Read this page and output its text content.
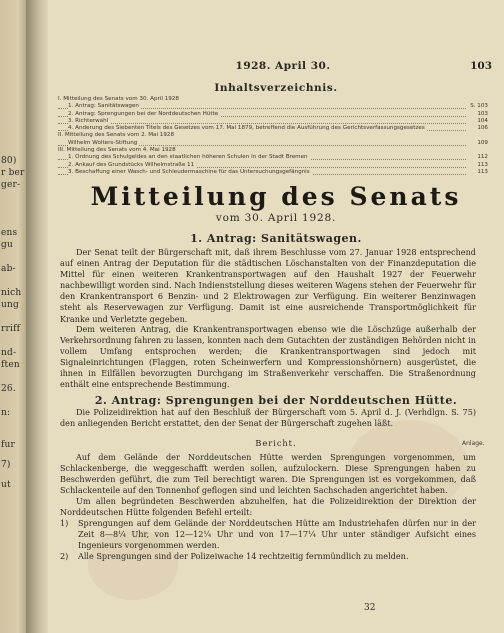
80)
r ber
ger-
ens
gu
ab-
nich
ung
rriff
nd-
ften
26.
n:
fur
7)
ut
1928. April 30.	103
Inhaltsverzeichnis.
I. Mitteilung des Senats vom 30. April 1928
1. Antrag: Sanitätswagen	S. 103
2. Antrag: Sprengungen bei der Norddeutschen Hütte	103
3. Richterwahl	104
4. Änderung des Siebenten Titels des Gesetzes vom 17. Mai 1879, betreffend die Ausführung des Gerichtsverfassungsgesetzes	106
II. Mitteilung des Senats vom 2. Mai 1928
Wilhelm Wolters-Stiftung	109
III. Mitteilung des Senats vom 4. Mai 1928
1. Ordnung des Schulgeldes an den staatlichen höheren Schulen in der Stadt Bremen	112
2. Ankauf des Grundstücks Wilhelmstraße 11	113
3. Beschaffung einer Wasch- und Schleudermaschine für das Untersuchungsgefängnis	113
Mitteilung des Senats
vom 30. April 1928.
1. Antrag: Sanitätswagen.
Der Senat teilt der Bürgerschaft mit, daß ihrem Beschlusse vom 27. Januar 1928 entsprechend auf einen Antrag der Deputation für die städtischen Löschanstalten von der Finanzdeputation die Mittel für einen weiteren Krankentransportwagen auf den Haushalt 1927 der Feuerwehr nachbewilligt worden sind. Nach Indienststellung dieses weiteren Wagens stehen der Feuerwehr für den Krankentransport 6 Benzin- und 2 Elektrowagen zur Verfügung. Ein weiterer Benzinwagen steht als Reservewagen zur Verfügung. Damit ist eine ausreichende Transportmöglichkeit für Kranke und Verletzte gegeben.
Dem weiteren Antrag, die Krankentransportwagen ebenso wie die Löschzüge außerhalb der Verkehrsordnung fahren zu lassen, konnten nach dem Gutachten der zuständigen Behörden nicht in vollem Umfang entsprochen werden; die Krankentransportwagen sind jedoch mit Signaleinrichtungen (Flaggen, roten Scheinwerfern und Kompressionshörnern) ausgerüstet, die ihnen in Eilfällen bevorzugten Durchgang im Straßenverkehr verschaffen. Die Straßenordnung enthält eine entsprechende Bestimmung.
2. Antrag: Sprengungen bei der Norddeutschen Hütte.
Die Polizeidirektion hat auf den Beschluß der Bürgerschaft vom 5. April d. J. (Verhdlgn. S. 75) den anliegenden Bericht erstattet, den der Senat der Bürgerschaft zugehen läßt.
Bericht.
Auf dem Gelände der Norddeutschen Hütte werden Sprengungen vorgenommen, um Schlackenberge, die weggeschafft werden sollen, aufzulockern. Diese Sprengungen haben zu Beschwerden geführt, die zum Teil berechtigt waren. Die Sprengungen ist es vorgekommen, daß Schlackenteile auf den Tonnenhof geflogen sind und leichten Sachschaden angerichtet haben.
Um allen begründeten Beschwerden abzuhelfen, hat die Polizeidirektion der Direktion der Norddeutschen Hütte folgenden Befehl erteilt:
1) Sprengungen auf dem Gelände der Norddeutschen Hütte am Industriehafen dürfen nur in der Zeit 8—8¼ Uhr, von 12—12¼ Uhr und von 17—17¼ Uhr unter ständiger Aufsicht eines Ingenieurs vorgenommen werden.
2) Alle Sprengungen sind der Polizeiwache 14 rechtzeitig fernmündlich zu melden.
32
Anlage.
